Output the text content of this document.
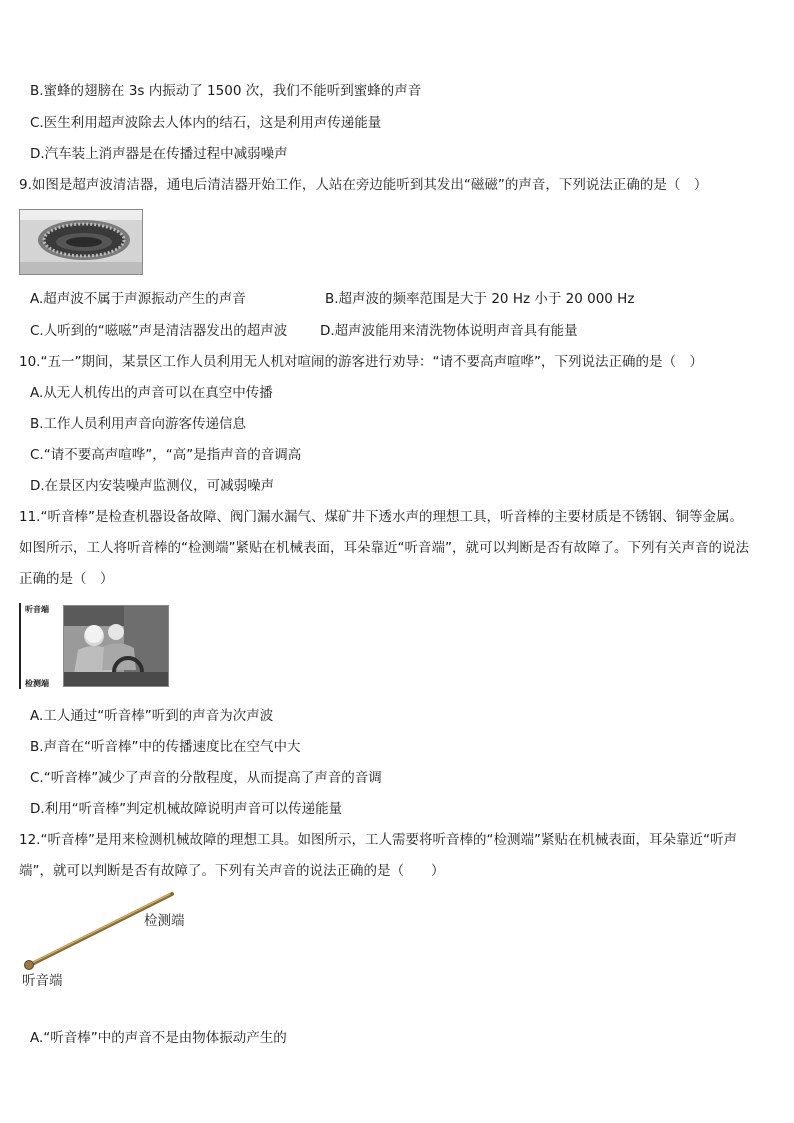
B.蜜蜂的翅膀在 3s 内振动了 1500 次，我们不能听到蜜蜂的声音
C.医生利用超声波除去人体内的结石，这是利用声传递能量
D.汽车装上消声器是在传播过程中减弱噪声
9.如图是超声波清洁器，通电后清洁器开始工作，人站在旁边能听到其发出“磁磁”的声音，下列说法正确的是（　）
A.超声波不属于声源振动产生的声音	B.超声波的频率范围是大于 20 Hz 小于 20 000 Hz
C.人听到的“嗞嗞”声是清洁器发出的超声波 D.超声波能用来清洗物体说明声音具有能量
10.“五一”期间，某景区工作人员利用无人机对喧闹的游客进行劝导：“请不要高声喧哗”，下列说法正确的是（　）
A.从无人机传出的声音可以在真空中传播
B.工作人员利用声音向游客传递信息
C.“请不要高声喧哗”，“高”是指声音的音调高
D.在景区内安装噪声监测仪，可减弱噪声
11.“听音棒”是检查机器设备故障、阀门漏水漏气、煤矿井下透水声的理想工具，听音棒的主要材质是不锈钢、铜等金属。
如图所示，工人将听音棒的“检测端”紧贴在机械表面，耳朵靠近“听音端”，就可以判断是否有故障了。下列有关声音的说法
正确的是（　）
听音端
检测端
A.工人通过“听音棒”听到的声音为次声波
B.声音在“听音棒”中的传播速度比在空气中大
C.“听音棒”减少了声音的分散程度，从而提高了声音的音调
D.利用“听音棒”判定机械故障说明声音可以传递能量
12.“听音棒”是用来检测机械故障的理想工具。如图所示，工人需要将听音棒的“检测端”紧贴在机械表面，耳朵靠近“听声
端”，就可以判断是否有故障了。下列有关声音的说法正确的是（　　）
检测端
听音端
A.“听音棒”中的声音不是由物体振动产生的
